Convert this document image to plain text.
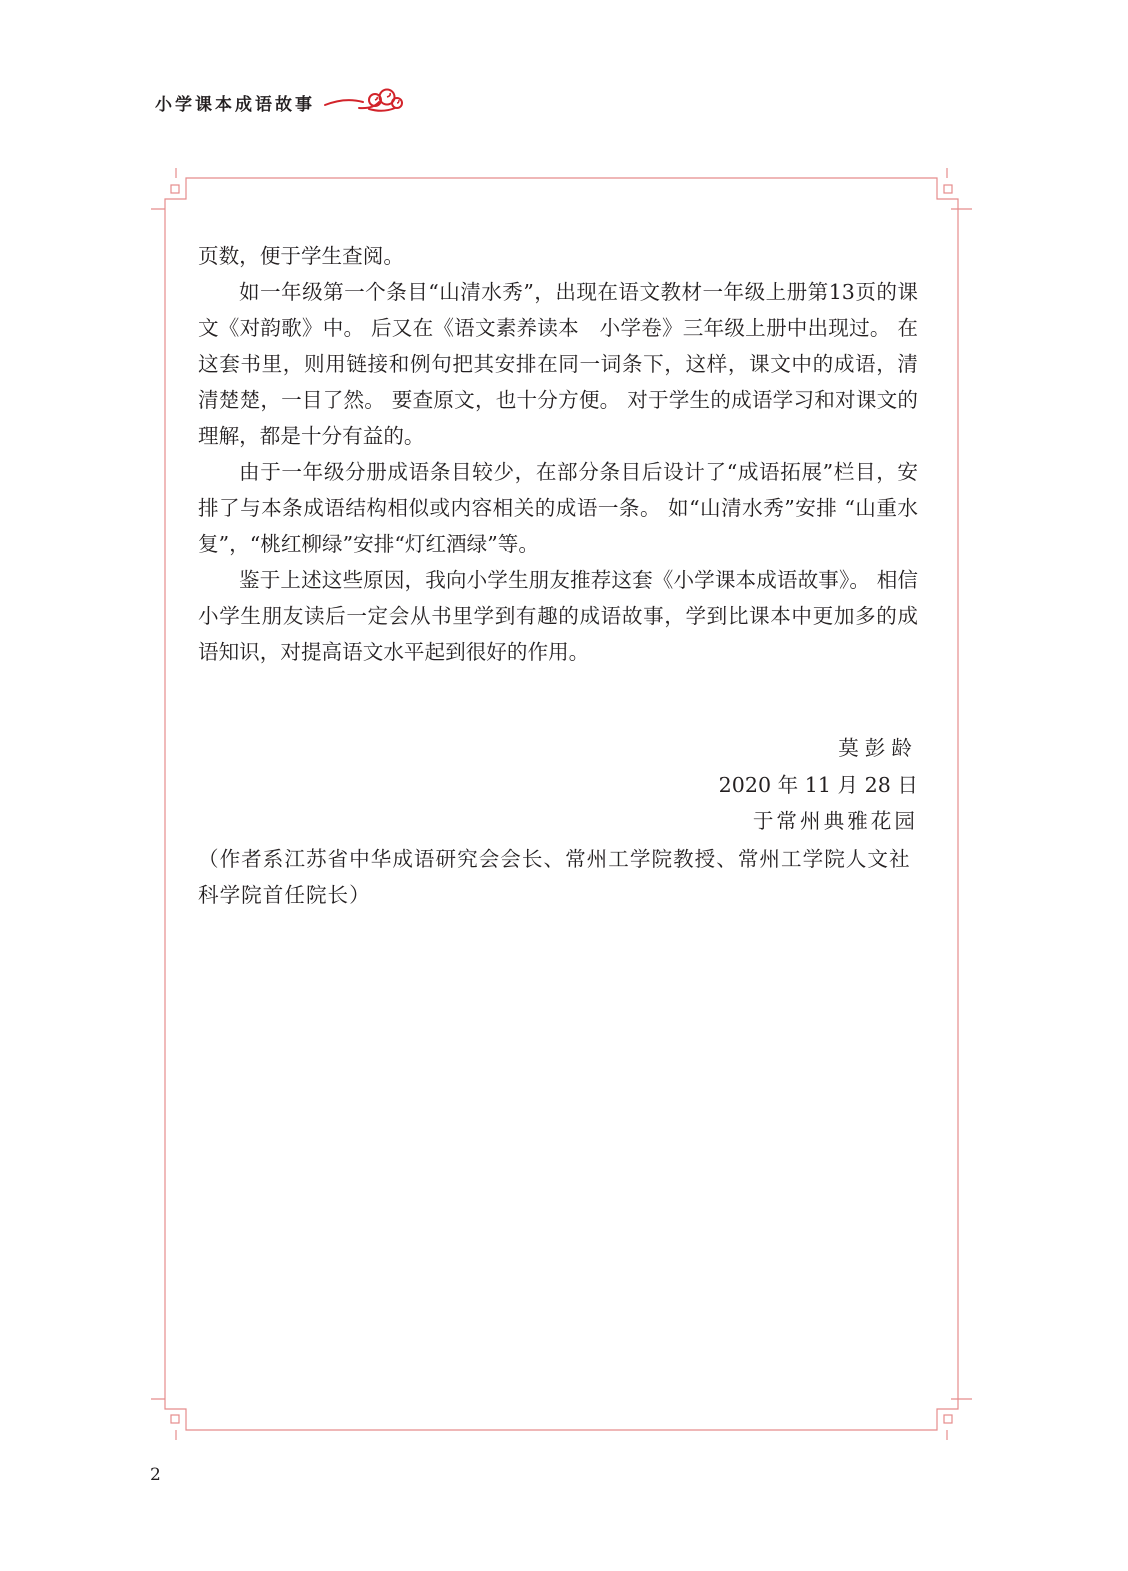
小学课本成语故事

页数，便于学生查阅。

如一年级第一个条目“山清水秀”，出现在语文教材一年级上册第13页的课文《对韵歌》中。 后又在《语文素养读本　小学卷》三年级上册中出现过。 在这套书里，则用链接和例句把其安排在同一词条下，这样，课文中的成语，清清楚楚，一目了然。 要查原文，也十分方便。 对于学生的成语学习和对课文的理解，都是十分有益的。

由于一年级分册成语条目较少，在部分条目后设计了“成语拓展”栏目，安排了与本条成语结构相似或内容相关的成语一条。 如“山清水秀”安排 “山重水复”，“桃红柳绿”安排“灯红酒绿”等。

鉴于上述这些原因，我向小学生朋友推荐这套《小学课本成语故事》。 相信小学生朋友读后一定会从书里学到有趣的成语故事，学到比课本中更加多的成语知识，对提高语文水平起到很好的作用。

莫彭龄
2020 年 11 月 28 日
于常州典雅花园
（作者系江苏省中华成语研究会会长、常州工学院教授、常州工学院人文社科学院首任院长）
2
